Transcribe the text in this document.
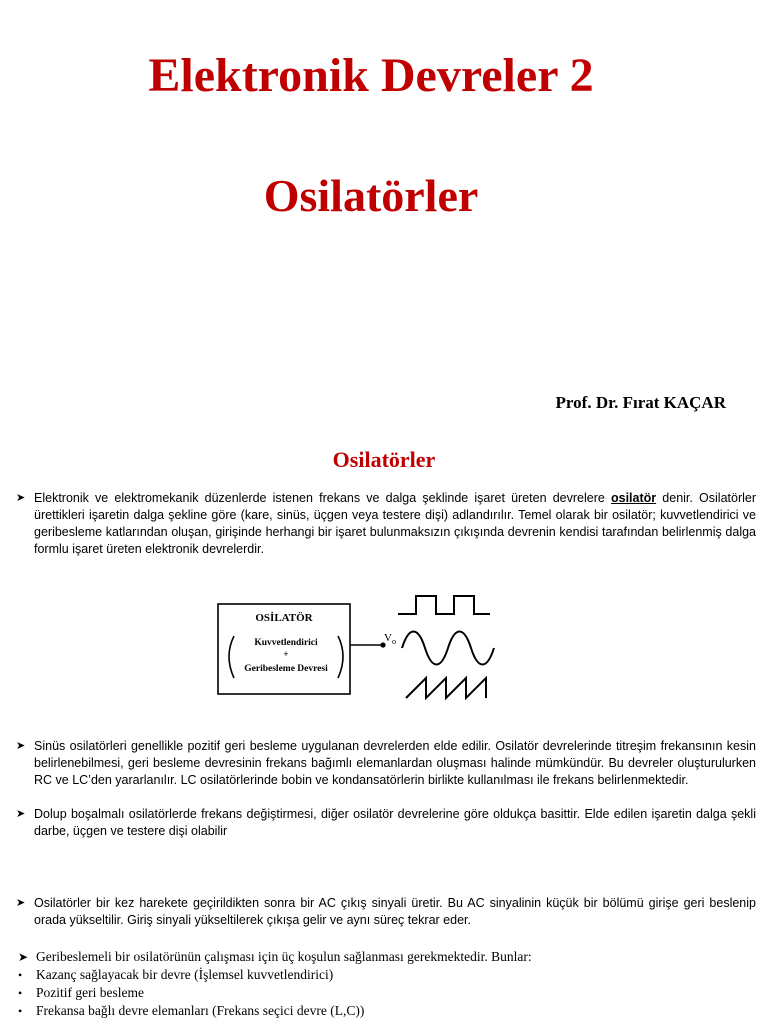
Elektronik Devreler 2
Osilatörler
Prof. Dr. Fırat KAÇAR
Osilatörler
➤ Elektronik ve elektromekanik düzenlerde istenen frekans ve dalga şeklinde işaret üreten devrelere osilatör denir. Osilatörler ürettikleri işaretin dalga şekline göre (kare, sinüs, üçgen veya testere dişi) adlandırılır. Temel olarak bir osilatör; kuvvetlendirici ve geribesleme katlarından oluşan, girişinde herhangi bir işaret bulunmaksızın çıkışında devrenin kendisi tarafından belirlenmiş dalga formlu işaret üreten elektronik devrelerdir.
OSİLATÖR
Kuvvetlendirici
+
Geribesleme Devresi
$V_o$
➤ Sinüs osilatörleri genellikle pozitif geri besleme uygulanan devrelerden elde edilir. Osilatör devrelerinde titreşim frekansının kesin belirlenebilmesi, geri besleme devresinin frekans bağımlı elemanlardan oluşması halinde mümkündür. Bu devreler oluşturulurken RC ve LC’den yararlanılır. LC osilatörlerinde bobin ve kondansatörlerin birlikte kullanılması ile frekans belirlenmektedir.
➤ Dolup boşalmalı osilatörlerde frekans değiştirmesi, diğer osilatör devrelerine göre oldukça basittir. Elde edilen işaretin dalga şekli darbe, üçgen ve testere dişi olabilir
➤ Osilatörler bir kez harekete geçirildikten sonra bir AC çıkış sinyali üretir. Bu AC sinyalinin küçük bir bölümü girişe geri beslenip orada yükseltilir. Giriş sinyali yükseltilerek çıkışa gelir ve aynı süreç tekrar eder.
➤ Geribeslemeli bir osilatörünün çalışması için üç koşulun sağlanması gerekmektedir. Bunlar:
• Kazanç sağlayacak bir devre (İşlemsel kuvvetlendirici)
• Pozitif geri besleme
• Frekansa bağlı devre elemanları (Frekans seçici devre (L,C))
